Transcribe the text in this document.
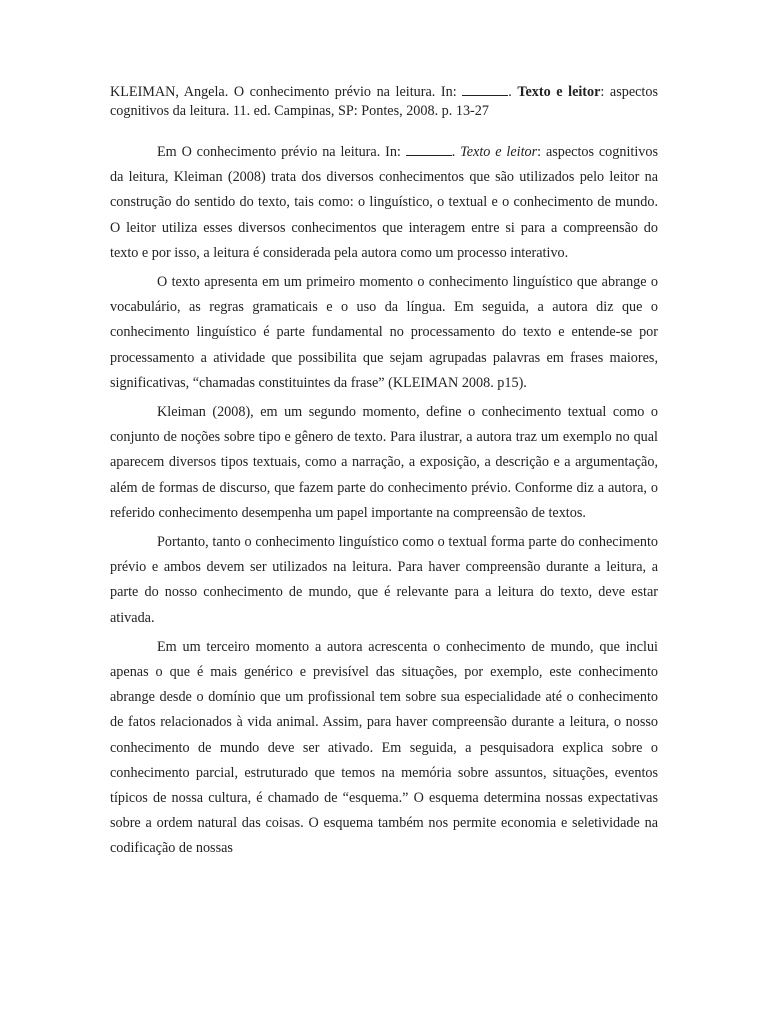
KLEIMAN, Angela. O conhecimento prévio na leitura. In:	. Texto e leitor: aspectos cognitivos da leitura. 11. ed. Campinas, SP: Pontes, 2008. p. 13-27

Em O conhecimento prévio na leitura. In:	. Texto e leitor: aspectos cognitivos da leitura, Kleiman (2008) trata dos diversos conhecimentos que são utilizados pelo leitor na construção do sentido do texto, tais como: o linguístico, o textual e o conhecimento de mundo. O leitor utiliza esses diversos conhecimentos que interagem entre si para a compreensão do texto e por isso, a leitura é considerada pela autora como um processo interativo.

O texto apresenta em um primeiro momento o conhecimento linguístico que abrange o vocabulário, as regras gramaticais e o uso da língua. Em seguida, a autora diz que o conhecimento linguístico é parte fundamental no processamento do texto e entende-se por processamento a atividade que possibilita que sejam agrupadas palavras em frases maiores, significativas, “chamadas constituintes da frase” (KLEIMAN 2008. p15).

Kleiman (2008), em um segundo momento, define o conhecimento textual como o conjunto de noções sobre tipo e gênero de texto. Para ilustrar, a autora traz um exemplo no qual aparecem diversos tipos textuais, como a narração, a exposição, a descrição e a argumentação, além de formas de discurso, que fazem parte do conhecimento prévio. Conforme diz a autora, o referido conhecimento desempenha um papel importante na compreensão de textos.

Portanto, tanto o conhecimento linguístico como o textual forma parte do conhecimento prévio e ambos devem ser utilizados na leitura. Para haver compreensão durante a leitura, a parte do nosso conhecimento de mundo, que é relevante para a leitura do texto, deve estar ativada.

Em um terceiro momento a autora acrescenta o conhecimento de mundo, que inclui apenas o que é mais genérico e previsível das situações, por exemplo, este conhecimento abrange desde o domínio que um profissional tem sobre sua especialidade até o conhecimento de fatos relacionados à vida animal. Assim, para haver compreensão durante a leitura, o nosso conhecimento de mundo deve ser ativado. Em seguida, a pesquisadora explica sobre o conhecimento parcial, estruturado que temos na memória sobre assuntos, situações, eventos típicos de nossa cultura, é chamado de “esquema.” O esquema determina nossas expectativas sobre a ordem natural das coisas. O esquema também nos permite economia e seletividade na codificação de nossas
